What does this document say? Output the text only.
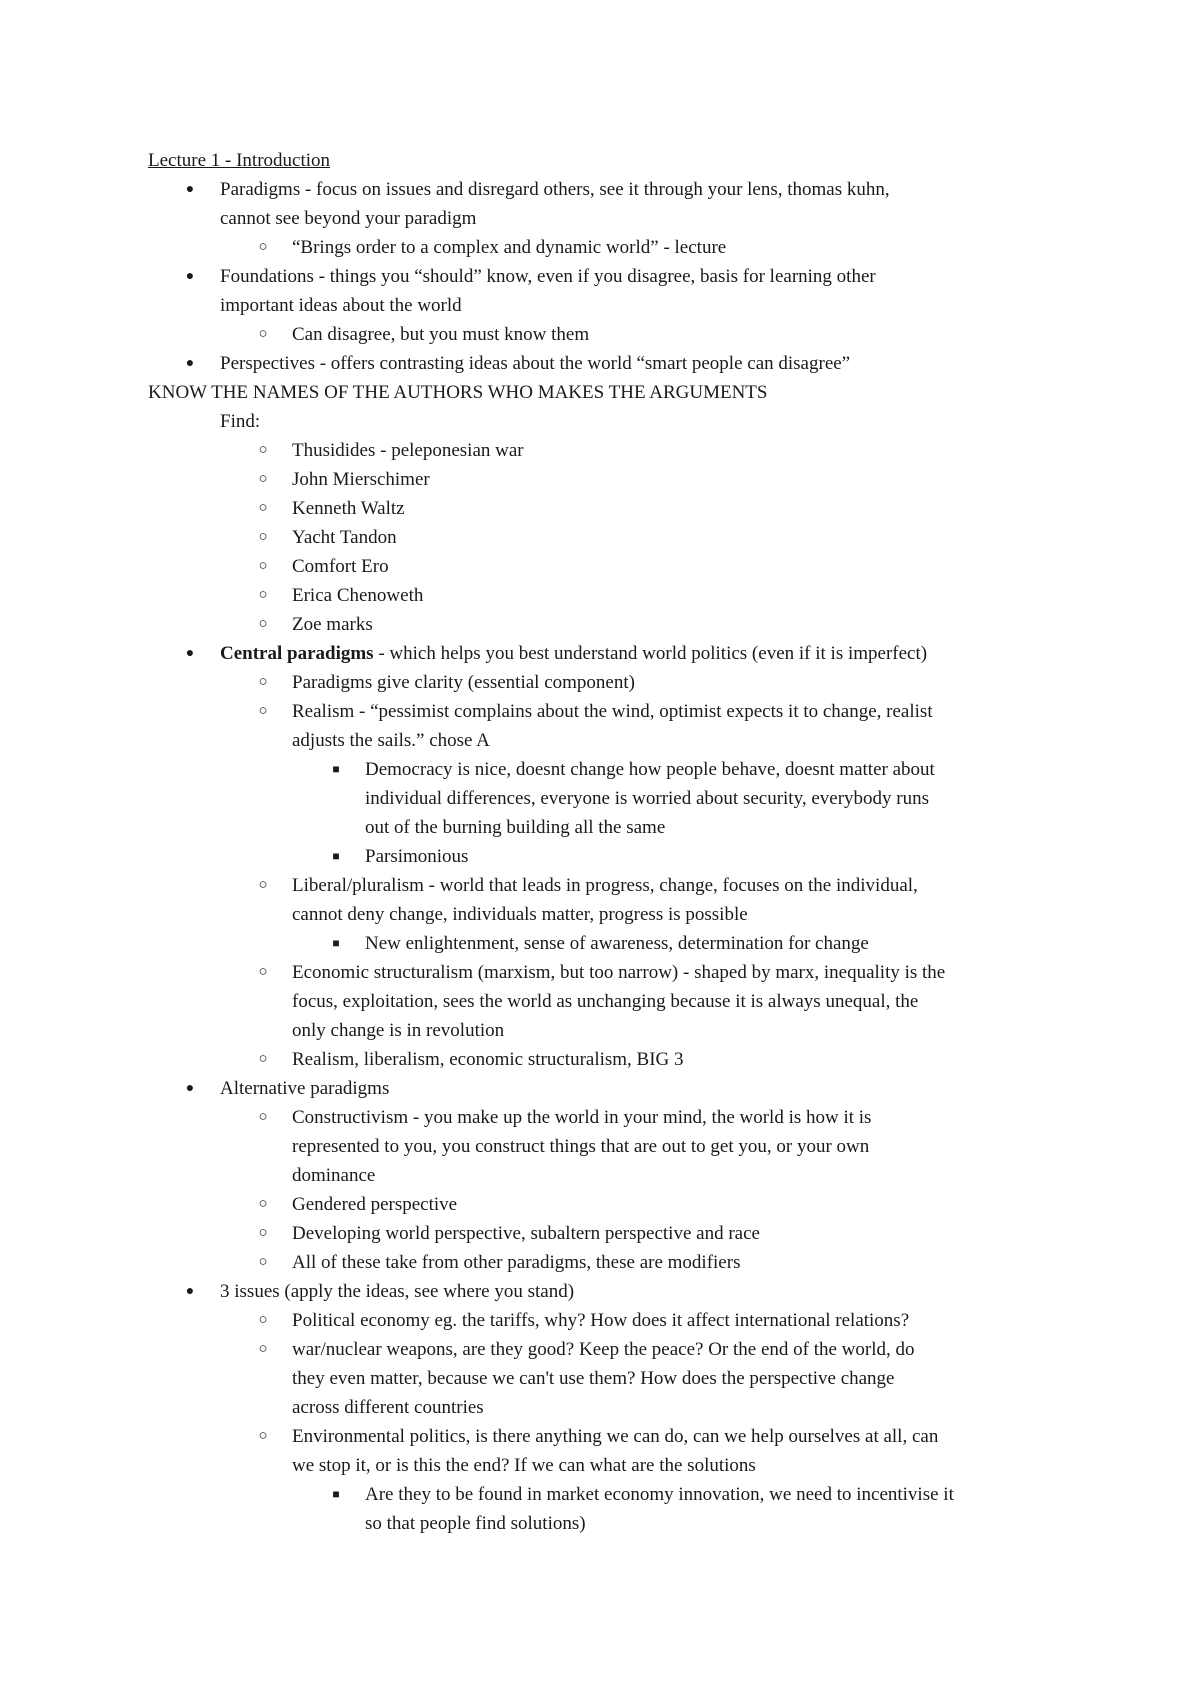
Lecture 1 - Introduction
●	Paradigms - focus on issues and disregard others, see it through your lens, thomas kuhn,
cannot see beyond your paradigm
○ “Brings order to a complex and dynamic world” - lecture
●	Foundations - things you “should” know, even if you disagree, basis for learning other
important ideas about the world
○ Can disagree, but you must know them
●	Perspectives - offers contrasting ideas about the world “smart people can disagree”
KNOW THE NAMES OF THE AUTHORS WHO MAKES THE ARGUMENTS
Find:
○ Thusidides - peleponesian war
○ John Mierschimer
○ Kenneth Waltz
○ Yacht Tandon
○ Comfort Ero
○ Erica Chenoweth
○ Zoe marks
●	Central paradigms - which helps you best understand world politics (even if it is imperfect)
○ Paradigms give clarity (essential component)
○ Realism - “pessimist complains about the wind, optimist expects it to change, realist
adjusts the sails.” chose A
■	Democracy is nice, doesnt change how people behave, doesnt matter about
individual differences, everyone is worried about security, everybody runs
out of the burning building all the same
■	Parsimonious
○ Liberal/pluralism - world that leads in progress, change, focuses on the individual,
cannot deny change, individuals matter, progress is possible
■	New enlightenment, sense of awareness, determination for change
○ Economic structuralism (marxism, but too narrow) - shaped by marx, inequality is the
focus, exploitation, sees the world as unchanging because it is always unequal, the
only change is in revolution
○ Realism, liberalism, economic structuralism, BIG 3
●	Alternative paradigms
○ Constructivism - you make up the world in your mind, the world is how it is
represented to you, you construct things that are out to get you, or your own
dominance
○ Gendered perspective
○ Developing world perspective, subaltern perspective and race
○ All of these take from other paradigms, these are modifiers
●	3 issues (apply the ideas, see where you stand)
○ Political economy eg. the tariffs, why? How does it affect international relations?
○ war/nuclear weapons, are they good? Keep the peace? Or the end of the world, do
they even matter, because we can't use them? How does the perspective change
across different countries
○ Environmental politics, is there anything we can do, can we help ourselves at all, can
we stop it, or is this the end? If we can what are the solutions
■	Are they to be found in market economy innovation, we need to incentivise it
so that people find solutions)
